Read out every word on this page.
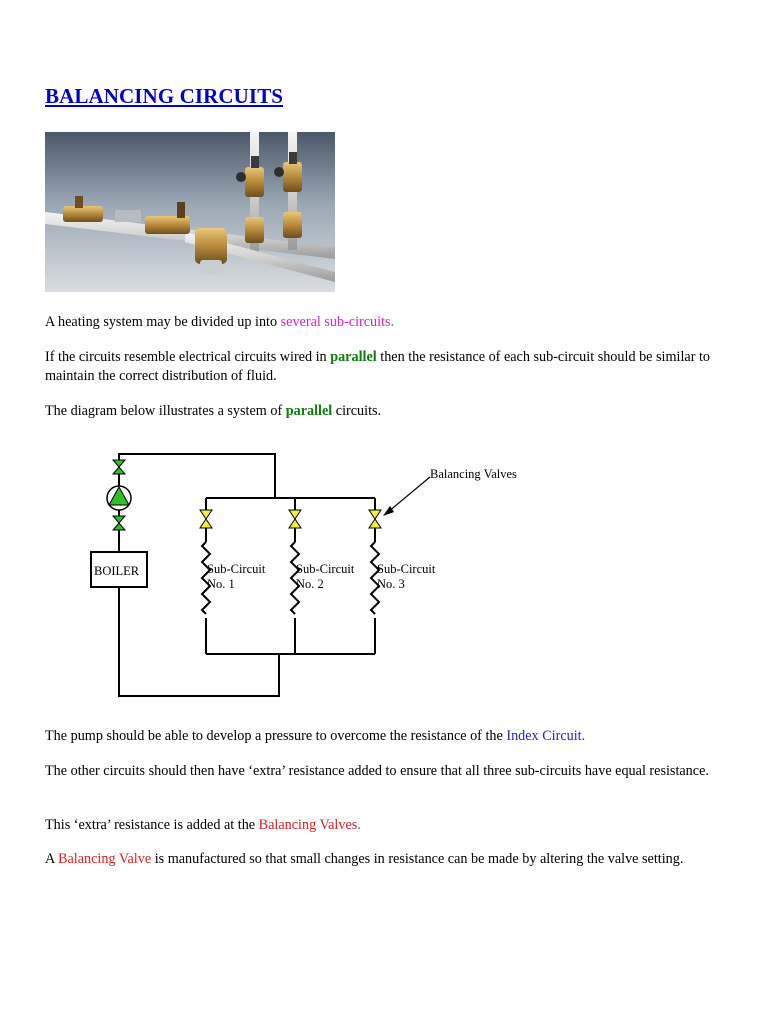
BALANCING CIRCUITS

A heating system may be divided up into several sub-circuits.

If the circuits resemble electrical circuits wired in parallel then the resistance of each sub-circuit should be similar to maintain the correct distribution of fluid.

The diagram below illustrates a system of parallel circuits.

BOILER
Balancing Valves
Sub-Circuit
No. 1
Sub-Circuit
No. 2
Sub-Circuit
No. 3

The pump should be able to develop a pressure to overcome the resistance of the Index Circuit.

The other circuits should then have ‘extra’ resistance added to ensure that all three sub-circuits have equal resistance.

This ‘extra’ resistance is added at the Balancing Valves.

A Balancing Valve is manufactured so that small changes in resistance can be made by altering the valve setting.
